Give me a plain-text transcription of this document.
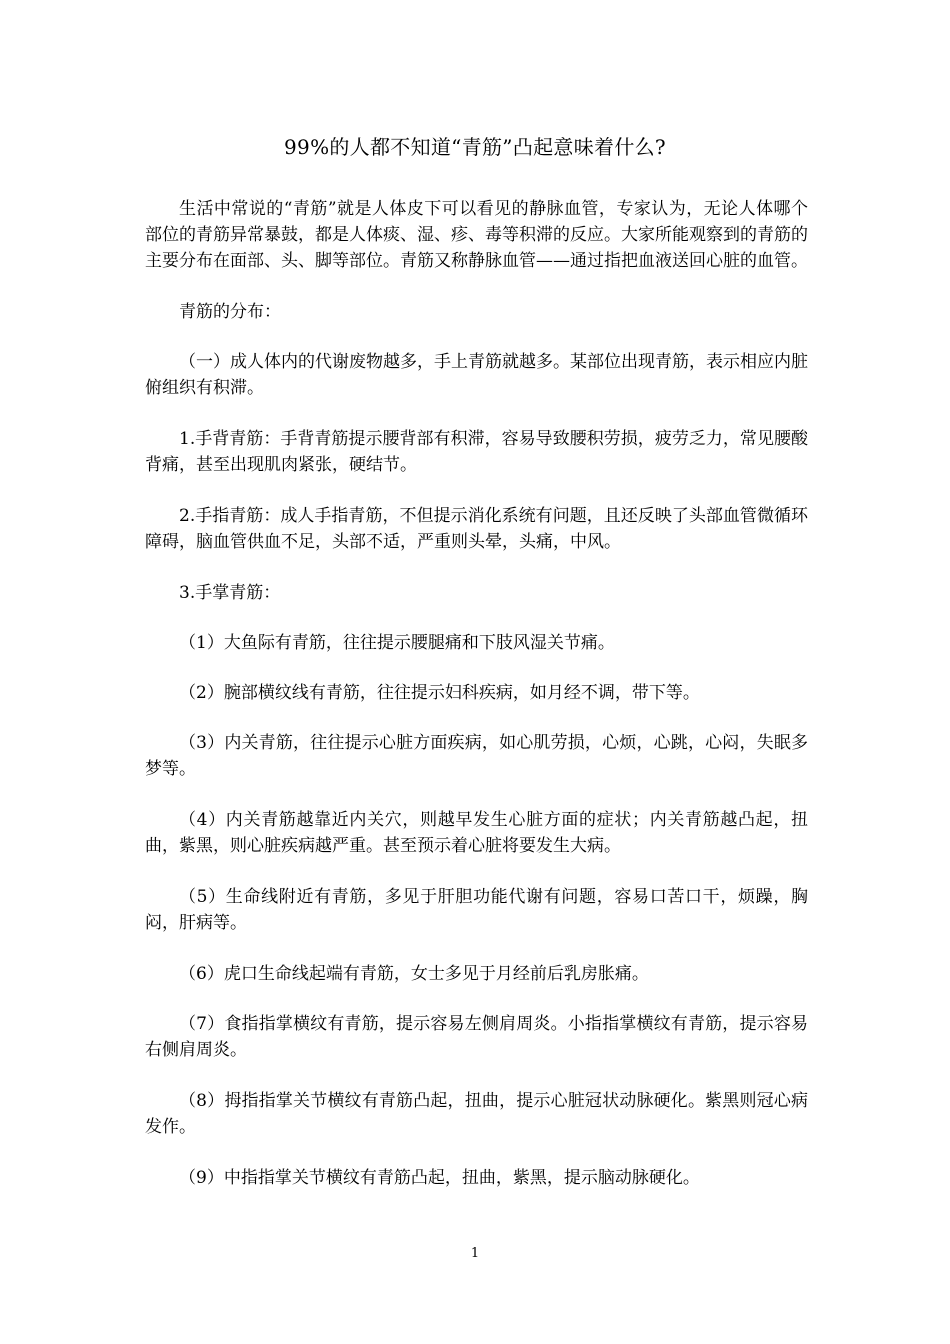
99%的人都不知道“青筋”凸起意味着什么?

生活中常说的“青筋”就是人体皮下可以看见的静脉血管，专家认为，无论人体哪个部位的青筋异常暴鼓，都是人体痰、湿、疹、毒等积滞的反应。大家所能观察到的青筋的主要分布在面部、头、脚等部位。青筋又称静脉血管——通过指把血液送回心脏的血管。

青筋的分布：

（一）成人体内的代谢废物越多，手上青筋就越多。某部位出现青筋，表示相应内脏俯组织有积滞。

1.手背青筋：手背青筋提示腰背部有积滞，容易导致腰积劳损，疲劳乏力，常见腰酸背痛，甚至出现肌肉紧张，硬结节。

2.手指青筋：成人手指青筋，不但提示消化系统有问题，且还反映了头部血管微循环障碍，脑血管供血不足，头部不适，严重则头晕，头痛，中风。

3.手掌青筋：

（1）大鱼际有青筋，往往提示腰腿痛和下肢风湿关节痛。

（2）腕部横纹线有青筋，往往提示妇科疾病，如月经不调，带下等。

（3）内关青筋，往往提示心脏方面疾病，如心肌劳损，心烦，心跳，心闷，失眠多梦等。

（4）内关青筋越靠近内关穴，则越早发生心脏方面的症状；内关青筋越凸起，扭曲，紫黑，则心脏疾病越严重。甚至预示着心脏将要发生大病。

（5）生命线附近有青筋，多见于肝胆功能代谢有问题，容易口苦口干，烦躁，胸闷，肝病等。

（6）虎口生命线起端有青筋，女士多见于月经前后乳房胀痛。

（7）食指指掌横纹有青筋，提示容易左侧肩周炎。小指指掌横纹有青筋，提示容易右侧肩周炎。

（8）拇指指掌关节横纹有青筋凸起，扭曲，提示心脏冠状动脉硬化。紫黑则冠心病发作。

（9）中指指掌关节横纹有青筋凸起，扭曲，紫黑，提示脑动脉硬化。

1
